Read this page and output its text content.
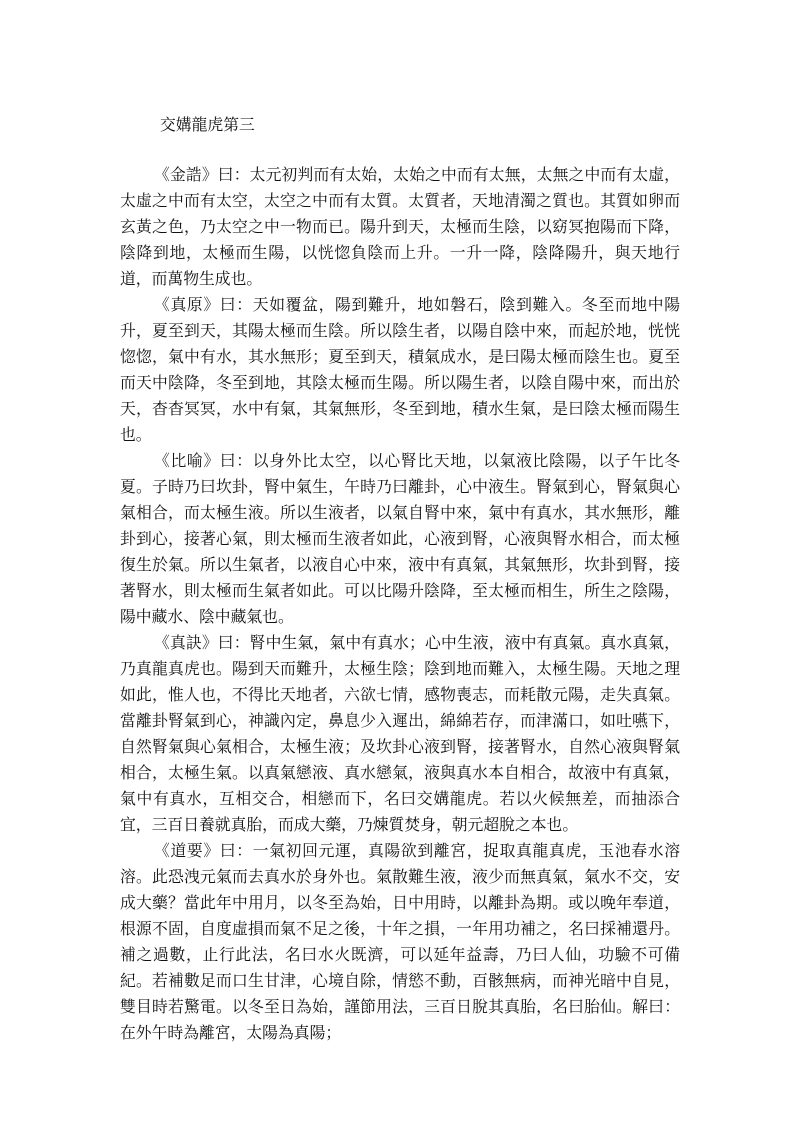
交媾龍虎第三

《金誥》曰：太元初判而有太始，太始之中而有太無，太無之中而有太虛，太虛之中而有太空，太空之中而有太質。太質者，天地清濁之質也。其質如卵而玄黃之色，乃太空之中一物而已。陽升到天，太極而生陰，以窈冥抱陽而下降，陰降到地，太極而生陽，以恍惚負陰而上升。一升一降，陰降陽升，與天地行道，而萬物生成也。

《真原》曰：天如覆盆，陽到難升，地如磐石，陰到難入。冬至而地中陽升，夏至到天，其陽太極而生陰。所以陰生者，以陽自陰中來，而起於地，恍恍惚惚，氣中有水，其水無形；夏至到天，積氣成水，是曰陽太極而陰生也。夏至而天中陰降，冬至到地，其陰太極而生陽。所以陽生者，以陰自陽中來，而出於天，杳杳冥冥，水中有氣，其氣無形，冬至到地，積水生氣，是曰陰太極而陽生也。

《比喻》曰：以身外比太空，以心腎比天地，以氣液比陰陽，以子午比冬夏。子時乃曰坎卦，腎中氣生，午時乃曰離卦，心中液生。腎氣到心，腎氣與心氣相合，而太極生液。所以生液者，以氣自腎中來，氣中有真水，其水無形，離卦到心，接著心氣，則太極而生液者如此，心液到腎，心液與腎水相合，而太極復生於氣。所以生氣者，以液自心中來，液中有真氣，其氣無形，坎卦到腎，接著腎水，則太極而生氣者如此。可以比陽升陰降，至太極而相生，所生之陰陽，陽中藏水、陰中藏氣也。

《真訣》曰：腎中生氣，氣中有真水；心中生液，液中有真氣。真水真氣，乃真龍真虎也。陽到天而難升，太極生陰；陰到地而難入，太極生陽。天地之理如此，惟人也，不得比天地者，六欲七情，感物喪志，而耗散元陽，走失真氣。當離卦腎氣到心，神識內定，鼻息少入遲出，綿綿若存，而津滿口，如吐嚥下，自然腎氣與心氣相合，太極生液；及坎卦心液到腎，接著腎水，自然心液與腎氣相合，太極生氣。以真氣戀液、真水戀氣，液與真水本自相合，故液中有真氣，氣中有真水，互相交合，相戀而下，名曰交媾龍虎。若以火候無差，而抽添合宜，三百日養就真胎，而成大藥，乃煉質焚身，朝元超脫之本也。

《道要》曰：一氣初回元運，真陽欲到離宮，捉取真龍真虎，玉池春水溶溶。此恐洩元氣而去真水於身外也。氣散難生液，液少而無真氣，氣水不交，安成大藥？當此年中用月，以冬至為始，日中用時，以離卦為期。或以晚年奉道，根源不固，自度虛損而氣不足之後，十年之損，一年用功補之，名曰採補還丹。補之過數，止行此法，名曰水火既濟，可以延年益壽，乃曰人仙，功驗不可備紀。若補數足而口生甘津，心境自除，情慾不動，百骸無病，而神光暗中自見，雙目時若驚電。以冬至日為始，謹節用法，三百日脫其真胎，名曰胎仙。解曰：在外午時為離宮，太陽為真陽；
